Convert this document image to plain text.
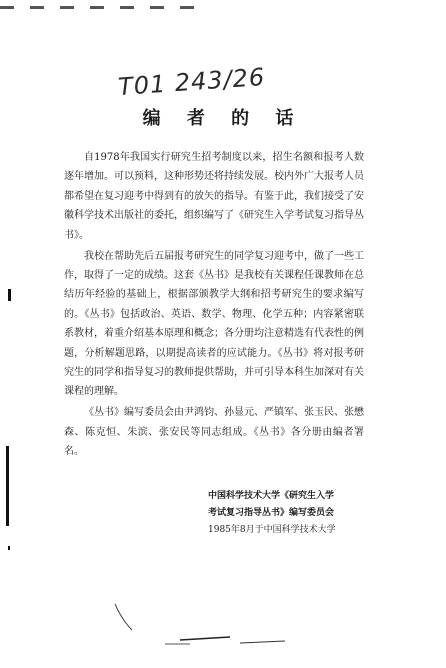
T01 243/26
编 者 的 话

自1978年我国实行研究生招考制度以来，招生名额和报考人数逐年增加。可以预料，这种形势还将持续发展。校内外广大报考人员都希望在复习迎考中得到有的放矢的指导。有鉴于此，我们接受了安徽科学技术出版社的委托，组织编写了《研究生入学考试复习指导丛书》。

我校在帮助先后五届报考研究生的同学复习迎考中，做了一些工作，取得了一定的成绩。这套《丛书》是我校有关课程任课教师在总结历年经验的基础上，根据部颁教学大纲和招考研究生的要求编写的。《丛书》包括政治、英语、数学、物理、化学五种；内容紧密联系教材，着重介绍基本原理和概念；各分册均注意精选有代表性的例题，分析解题思路，以期提高读者的应试能力。《丛书》将对报考研究生的同学和指导复习的教师提供帮助，并可引导本科生加深对有关课程的理解。

《丛书》编写委员会由尹鸿钧、孙显元、严镇军、张玉民、张懋森、陈克恒、朱滨、张安民等同志组成。《丛书》各分册由编者署名。

中国科学技术大学《研究生入学
考试复习指导丛书》编写委员会
1985年8月于中国科学技术大学
